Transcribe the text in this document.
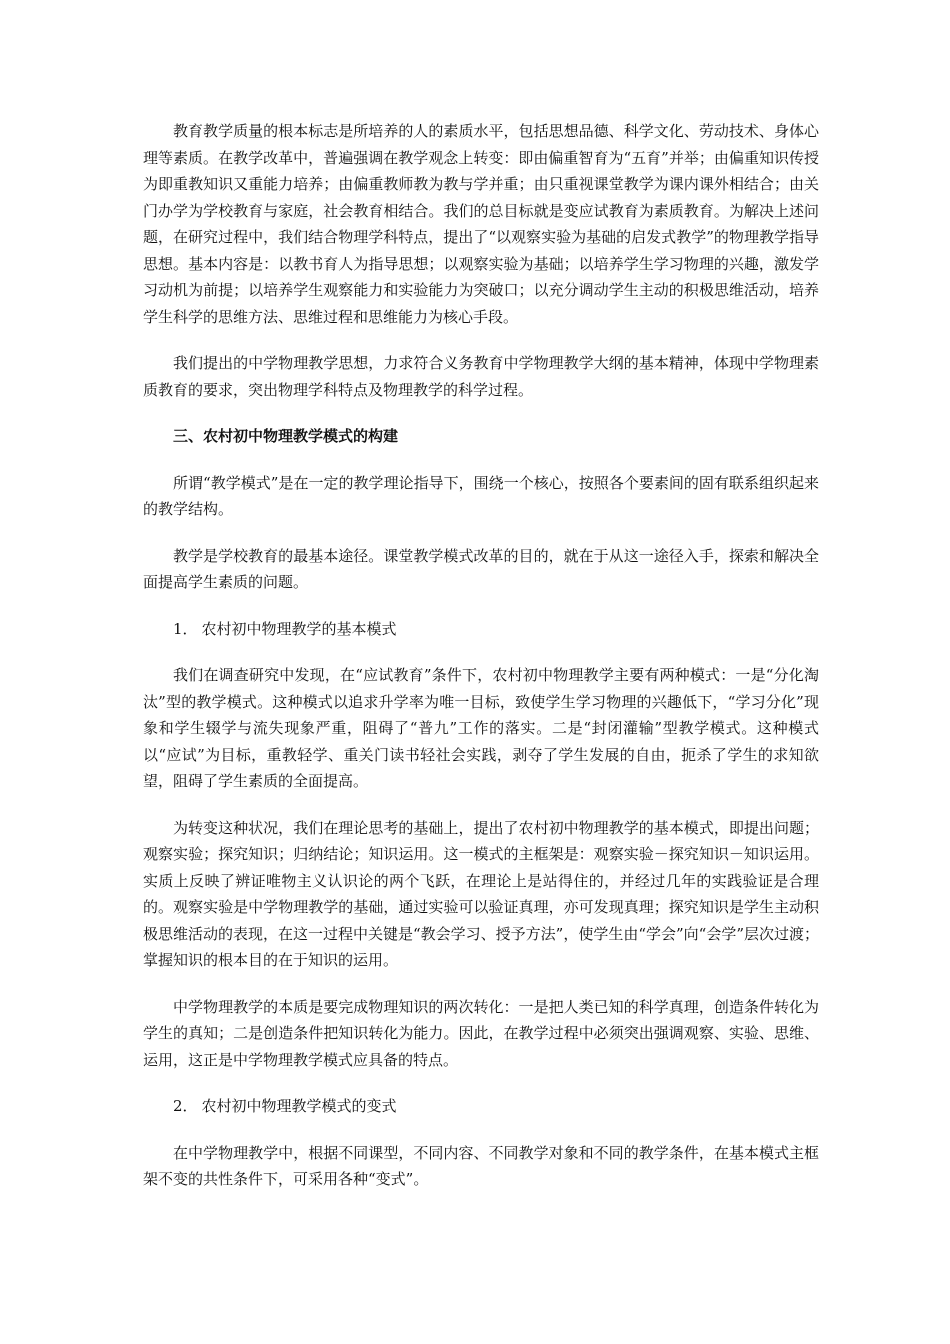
教育教学质量的根本标志是所培养的人的素质水平，包括思想品德、科学文化、劳动技术、身体心理等素质。在教学改革中，普遍强调在教学观念上转变：即由偏重智育为“五育”并举；由偏重知识传授为即重教知识又重能力培养；由偏重教师教为教与学并重；由只重视课堂教学为课内课外相结合；由关门办学为学校教育与家庭，社会教育相结合。我们的总目标就是变应试教育为素质教育。为解决上述问题，在研究过程中，我们结合物理学科特点，提出了“以观察实验为基础的启发式教学”的物理教学指导思想。基本内容是：以教书育人为指导思想；以观察实验为基础；以培养学生学习物理的兴趣，激发学习动机为前提；以培养学生观察能力和实验能力为突破口；以充分调动学生主动的积极思维活动，培养学生科学的思维方法、思维过程和思维能力为核心手段。

我们提出的中学物理教学思想，力求符合义务教育中学物理教学大纲的基本精神，体现中学物理素质教育的要求，突出物理学科特点及物理教学的科学过程。

三、农村初中物理教学模式的构建

所谓“教学模式”是在一定的教学理论指导下，围绕一个核心，按照各个要素间的固有联系组织起来的教学结构。

教学是学校教育的最基本途径。课堂教学模式改革的目的，就在于从这一途径入手，探索和解决全面提高学生素质的问题。

1． 农村初中物理教学的基本模式

我们在调查研究中发现，在“应试教育”条件下，农村初中物理教学主要有两种模式：一是“分化淘汰”型的教学模式。这种模式以追求升学率为唯一目标，致使学生学习物理的兴趣低下，“学习分化”现象和学生辍学与流失现象严重，阻碍了“普九”工作的落实。二是“封闭灌输”型教学模式。这种模式以“应试”为目标，重教轻学、重关门读书轻社会实践，剥夺了学生发展的自由，扼杀了学生的求知欲望，阻碍了学生素质的全面提高。

为转变这种状况，我们在理论思考的基础上，提出了农村初中物理教学的基本模式，即提出问题；观察实验；探究知识；归纳结论；知识运用。这一模式的主框架是：观察实验－探究知识－知识运用。实质上反映了辨证唯物主义认识论的两个飞跃，在理论上是站得住的，并经过几年的实践验证是合理的。观察实验是中学物理教学的基础，通过实验可以验证真理，亦可发现真理；探究知识是学生主动积极思维活动的表现，在这一过程中关键是“教会学习、授予方法”，使学生由“学会”向“会学”层次过渡；掌握知识的根本目的在于知识的运用。

中学物理教学的本质是要完成物理知识的两次转化：一是把人类已知的科学真理，创造条件转化为学生的真知；二是创造条件把知识转化为能力。因此，在教学过程中必须突出强调观察、实验、思维、运用，这正是中学物理教学模式应具备的特点。

2． 农村初中物理教学模式的变式

在中学物理教学中，根据不同课型，不同内容、不同教学对象和不同的教学条件，在基本模式主框架不变的共性条件下，可采用各种“变式”。
